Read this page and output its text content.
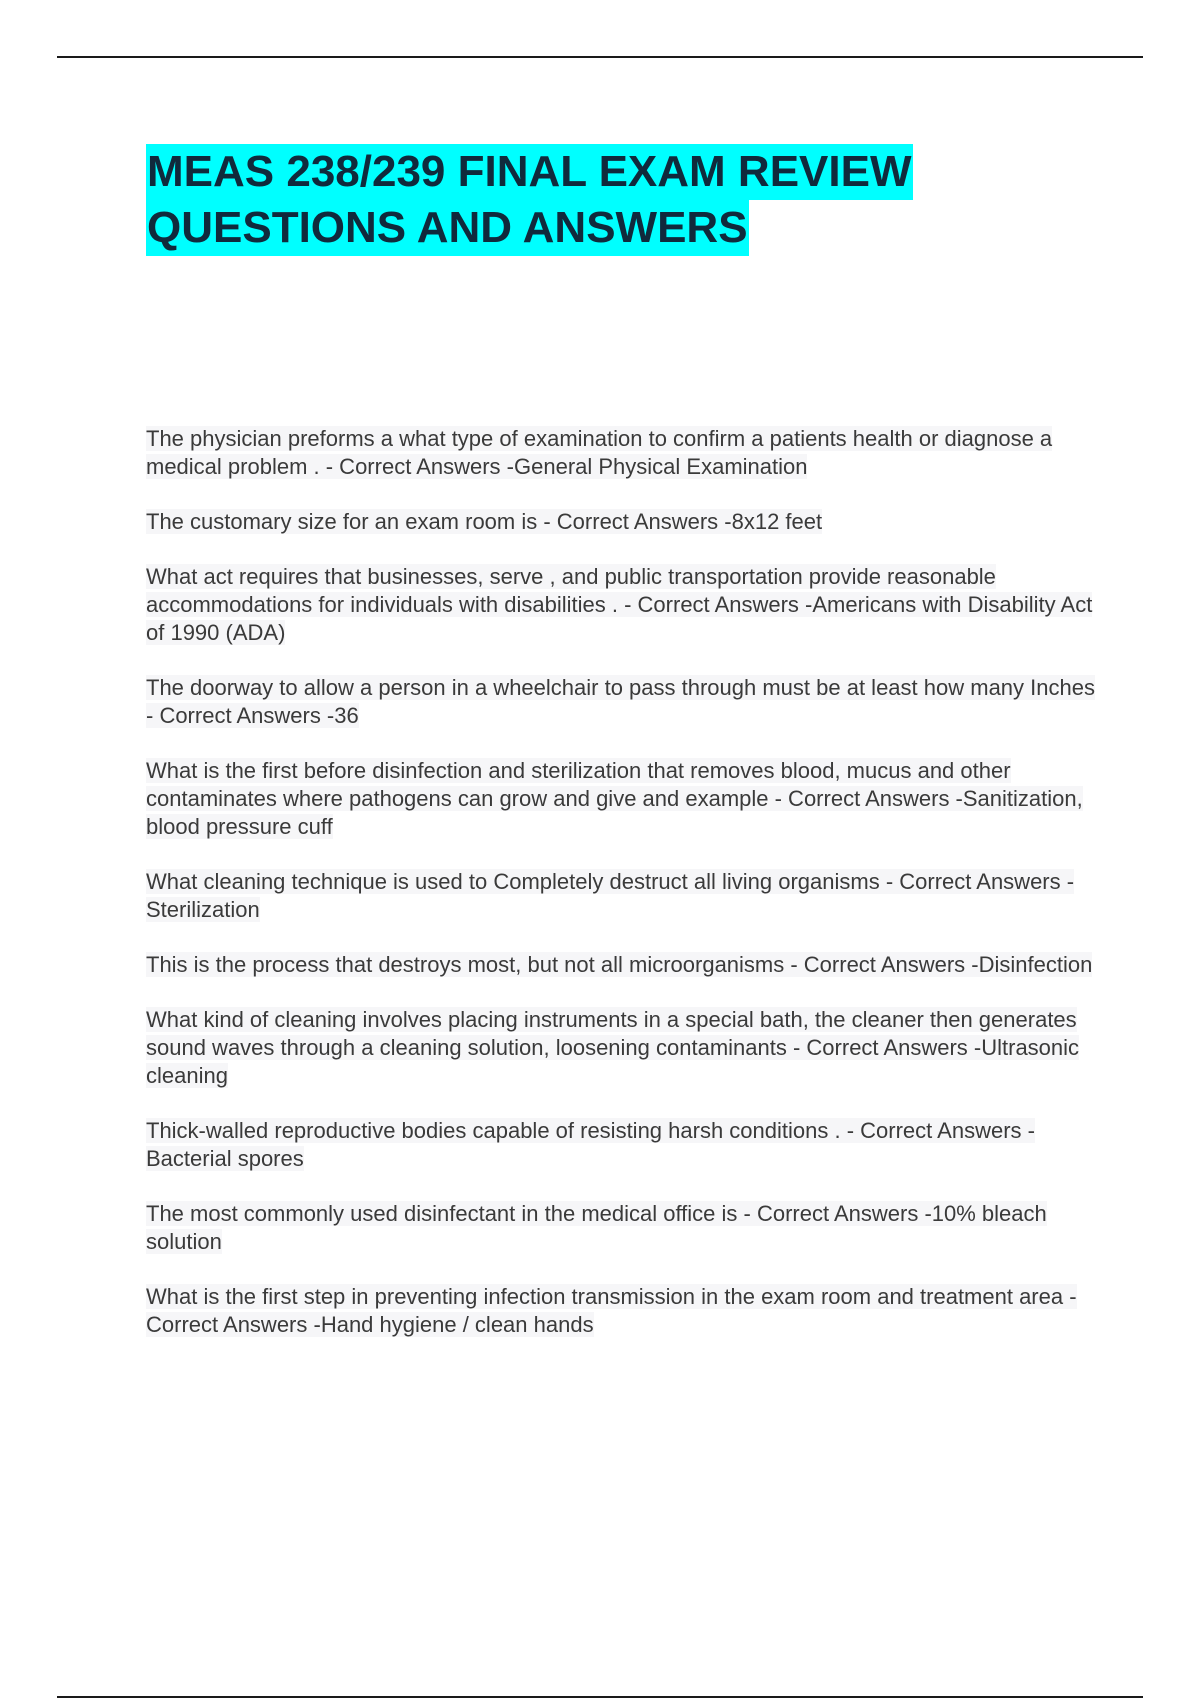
MEAS 238/239 FINAL EXAM REVIEW
QUESTIONS AND ANSWERS

The physician preforms a what type of examination to confirm a patients health or diagnose a medical problem . - Correct Answers -General Physical Examination

The customary size for an exam room is - Correct Answers -8x12 feet

What act requires that businesses, serve , and public transportation provide reasonable accommodations for individuals with disabilities . - Correct Answers -Americans with Disability Act of 1990 (ADA)

The doorway to allow a person in a wheelchair to pass through must be at least how many Inches - Correct Answers -36

What is the first before disinfection and sterilization that removes blood, mucus and other contaminates where pathogens can grow and give and example - Correct Answers -Sanitization, blood pressure cuff

What cleaning technique is used to Completely destruct all living organisms - Correct Answers -Sterilization

This is the process that destroys most, but not all microorganisms - Correct Answers -Disinfection

What kind of cleaning involves placing instruments in a special bath, the cleaner then generates sound waves through a cleaning solution, loosening contaminants - Correct Answers -Ultrasonic cleaning

Thick-walled reproductive bodies capable of resisting harsh conditions . - Correct Answers -Bacterial spores

The most commonly used disinfectant in the medical office is - Correct Answers -10% bleach solution

What is the first step in preventing infection transmission in the exam room and treatment area - Correct Answers -Hand hygiene / clean hands
